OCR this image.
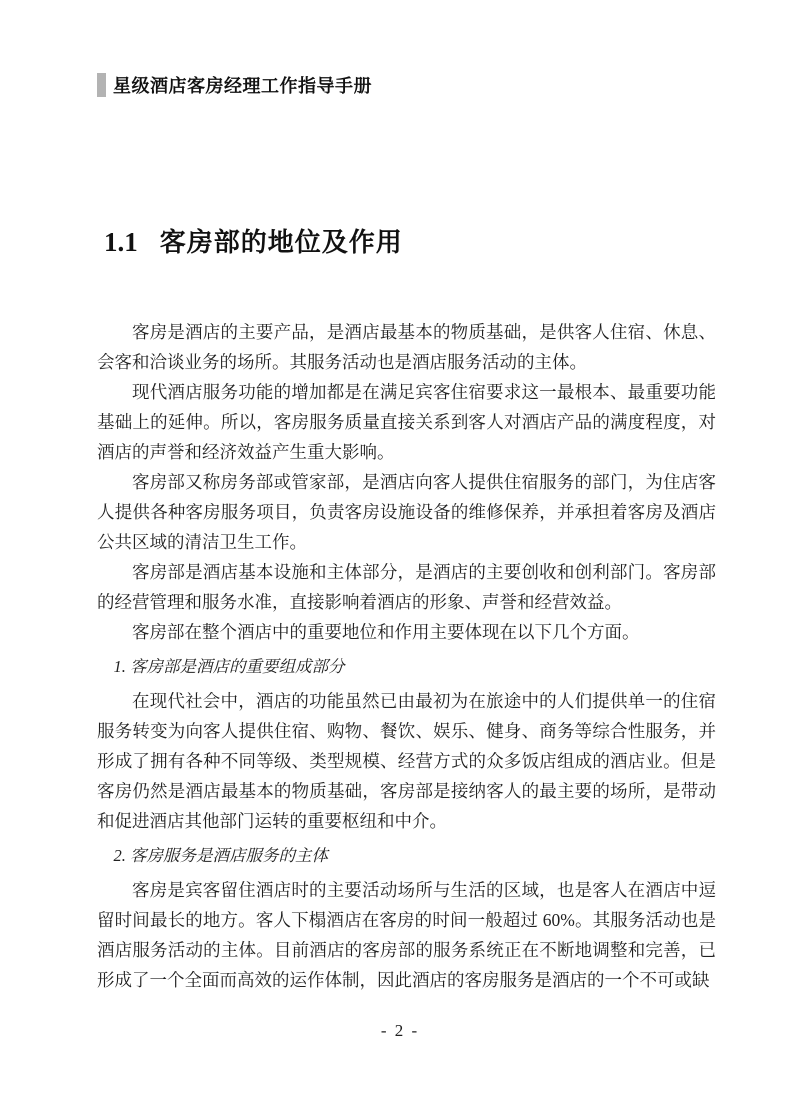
星级酒店客房经理工作指导手册
1.1 客房部的地位及作用

客房是酒店的主要产品，是酒店最基本的物质基础，是供客人住宿、休息、会客和洽谈业务的场所。其服务活动也是酒店服务活动的主体。

现代酒店服务功能的增加都是在满足宾客住宿要求这一最根本、最重要功能基础上的延伸。所以，客房服务质量直接关系到客人对酒店产品的满度程度，对酒店的声誉和经济效益产生重大影响。

客房部又称房务部或管家部，是酒店向客人提供住宿服务的部门，为住店客人提供各种客房服务项目，负责客房设施设备的维修保养，并承担着客房及酒店公共区域的清洁卫生工作。

客房部是酒店基本设施和主体部分，是酒店的主要创收和创利部门。客房部的经营管理和服务水准，直接影响着酒店的形象、声誉和经营效益。

客房部在整个酒店中的重要地位和作用主要体现在以下几个方面。

1. 客房部是酒店的重要组成部分

在现代社会中，酒店的功能虽然已由最初为在旅途中的人们提供单一的住宿服务转变为向客人提供住宿、购物、餐饮、娱乐、健身、商务等综合性服务，并形成了拥有各种不同等级、类型规模、经营方式的众多饭店组成的酒店业。但是客房仍然是酒店最基本的物质基础，客房部是接纳客人的最主要的场所，是带动和促进酒店其他部门运转的重要枢纽和中介。

2. 客房服务是酒店服务的主体

客房是宾客留住酒店时的主要活动场所与生活的区域，也是客人在酒店中逗留时间最长的地方。客人下榻酒店在客房的时间一般超过 60%。其服务活动也是酒店服务活动的主体。目前酒店的客房部的服务系统正在不断地调整和完善，已形成了一个全面而高效的运作体制，因此酒店的客房服务是酒店的一个不可或缺

- 2 -
